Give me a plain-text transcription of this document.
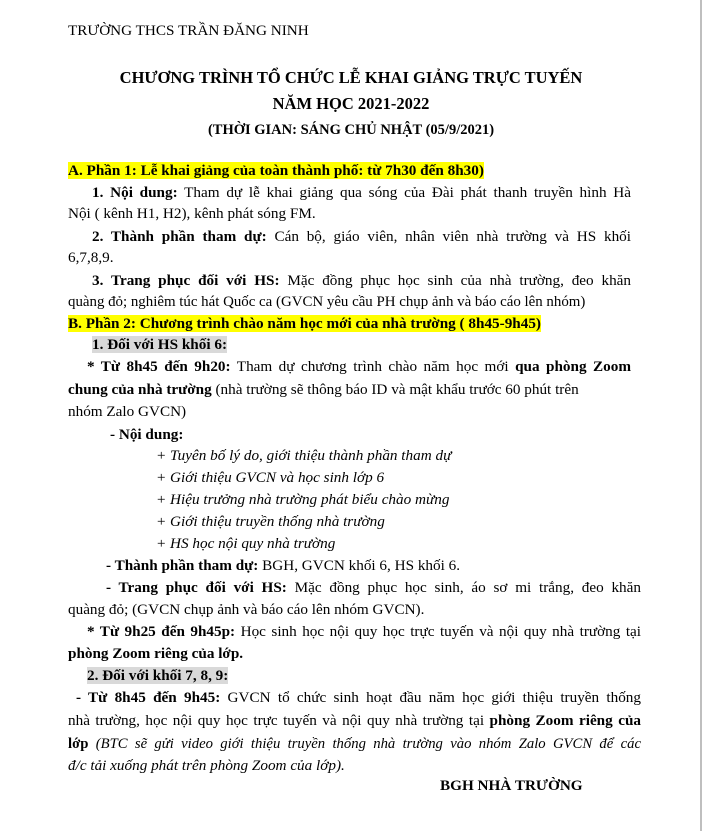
TRƯỜNG THCS TRẦN ĐĂNG NINH
CHƯƠNG TRÌNH TỔ CHỨC LỄ KHAI GIẢNG TRỰC TUYẾN
NĂM HỌC 2021-2022
(THỜI GIAN: SÁNG CHỦ NHẬT (05/9/2021)
A. Phần 1: Lễ khai giảng của toàn thành phố: từ 7h30 đến 8h30)
1. Nội dung: Tham dự lễ khai giảng qua sóng của Đài phát thanh truyền hình Hà
Nội ( kênh H1, H2), kênh phát sóng FM.
2. Thành phần tham dự: Cán bộ, giáo viên, nhân viên nhà trường và HS khối
6,7,8,9.
3. Trang phục đối với HS: Mặc đồng phục học sinh của nhà trường, đeo khăn
quàng đỏ; nghiêm túc hát Quốc ca (GVCN yêu cầu PH chụp ảnh và báo cáo lên nhóm)
B. Phần 2: Chương trình chào năm học mới của nhà trường ( 8h45-9h45)
1. Đối với HS khối 6:
* Từ 8h45 đến 9h20: Tham dự chương trình chào năm học mới qua phòng Zoom
chung của nhà trường (nhà trường sẽ thông báo ID và mật khẩu trước 60 phút trên
nhóm Zalo GVCN)
- Nội dung:
+ Tuyên bố lý do, giới thiệu thành phần tham dự
+ Giới thiệu GVCN và học sinh lớp 6
+ Hiệu trưởng nhà trường phát biểu chào mừng
+ Giới thiệu truyền thống nhà trường
+ HS học nội quy nhà trường
- Thành phần tham dự: BGH, GVCN khối 6, HS khối 6.
- Trang phục đối với HS: Mặc đồng phục học sinh, áo sơ mi trắng, đeo khăn
quàng đỏ; (GVCN chụp ảnh và báo cáo lên nhóm GVCN).
* Từ 9h25 đến 9h45p: Học sinh học nội quy học trực tuyến và nội quy nhà trường tại
phòng Zoom riêng của lớp.
2. Đối với khối 7, 8, 9:
- Từ 8h45 đến 9h45: GVCN tổ chức sinh hoạt đầu năm học giới thiệu truyền thống
nhà trường, học nội quy học trực tuyến và nội quy nhà trường tại phòng Zoom riêng của
lớp (BTC sẽ gửi video giới thiệu truyền thống nhà trường vào nhóm Zalo GVCN để các
đ/c tải xuống phát trên phòng Zoom của lớp).
BGH NHÀ TRƯỜNG
